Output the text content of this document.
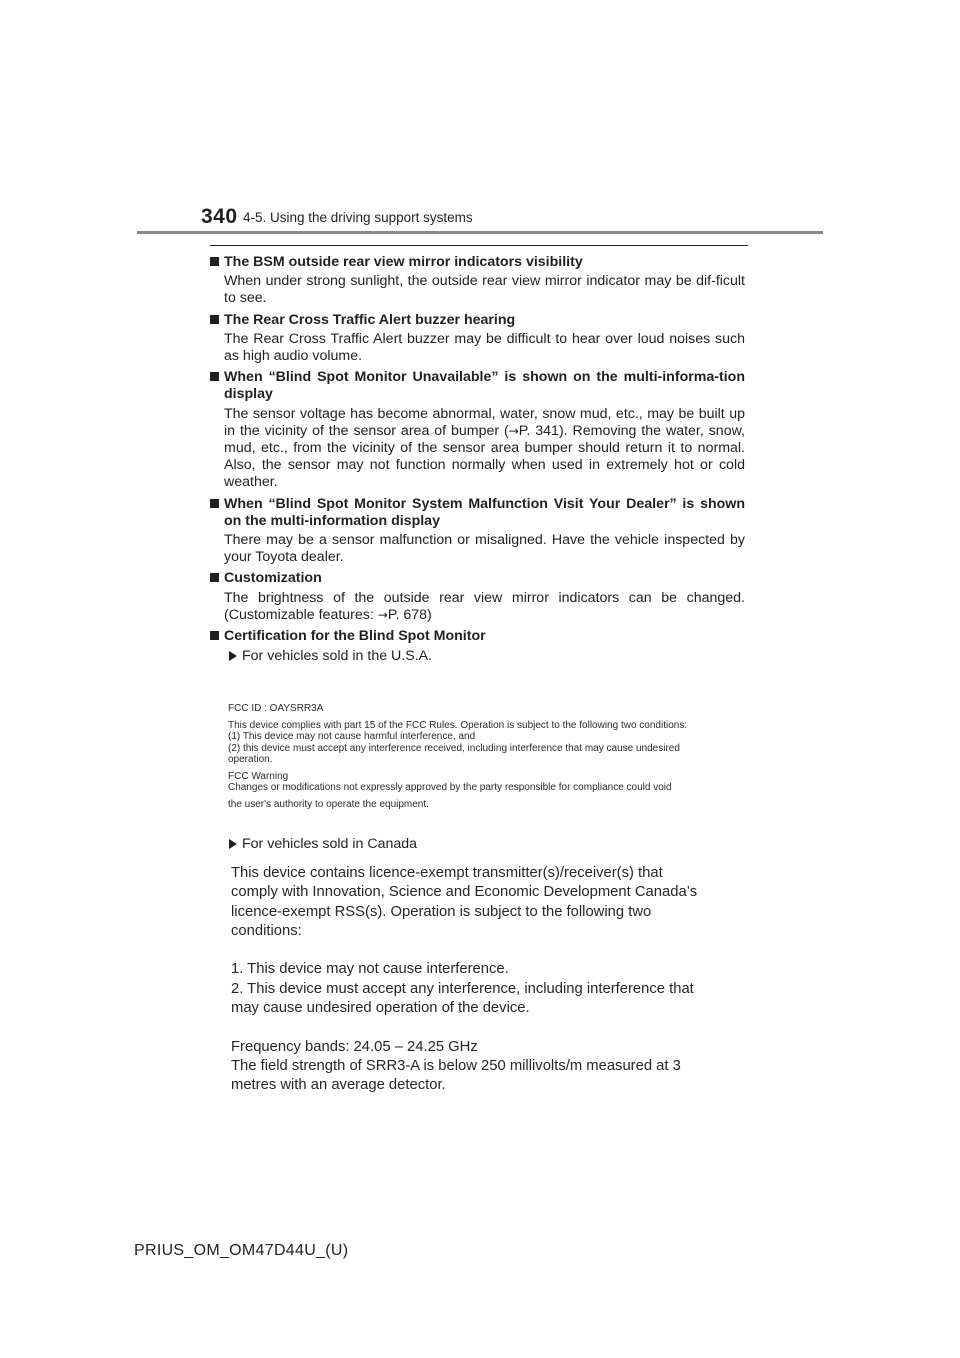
340 4-5. Using the driving support systems
The BSM outside rear view mirror indicators visibility
When under strong sunlight, the outside rear view mirror indicator may be dif-ficult to see.
The Rear Cross Traffic Alert buzzer hearing
The Rear Cross Traffic Alert buzzer may be difficult to hear over loud noises such as high audio volume.
When “Blind Spot Monitor Unavailable” is shown on the multi-informa-tion display
The sensor voltage has become abnormal, water, snow mud, etc., may be built up in the vicinity of the sensor area of bumper (→P. 341). Removing the water, snow, mud, etc., from the vicinity of the sensor area bumper should return it to normal. Also, the sensor may not function normally when used in extremely hot or cold weather.
When “Blind Spot Monitor System Malfunction Visit Your Dealer” is shown on the multi-information display
There may be a sensor malfunction or misaligned. Have the vehicle inspected by your Toyota dealer.
Customization
The brightness of the outside rear view mirror indicators can be changed. (Customizable features: →P. 678)
Certification for the Blind Spot Monitor
For vehicles sold in the U.S.A.
FCC ID : OAYSRR3A
This device complies with part 15 of the FCC Rules. Operation is subject to the following two conditions:
(1) This device may not cause harmful interference, and
(2) this device must accept any interference received, including interference that may cause undesired
operation.
FCC Warning
Changes or modifications not expressly approved by the party responsible for compliance could void
the user's authority to operate the equipment.
For vehicles sold in Canada
This device contains licence-exempt transmitter(s)/receiver(s) that
comply with Innovation, Science and Economic Development Canada’s
licence-exempt RSS(s). Operation is subject to the following two
conditions:
1. This device may not cause interference.
2. This device must accept any interference, including interference that
may cause undesired operation of the device.
Frequency bands: 24.05 – 24.25 GHz
The field strength of SRR3-A is below 250 millivolts/m measured at 3
metres with an average detector.
PRIUS_OM_OM47D44U_(U)
